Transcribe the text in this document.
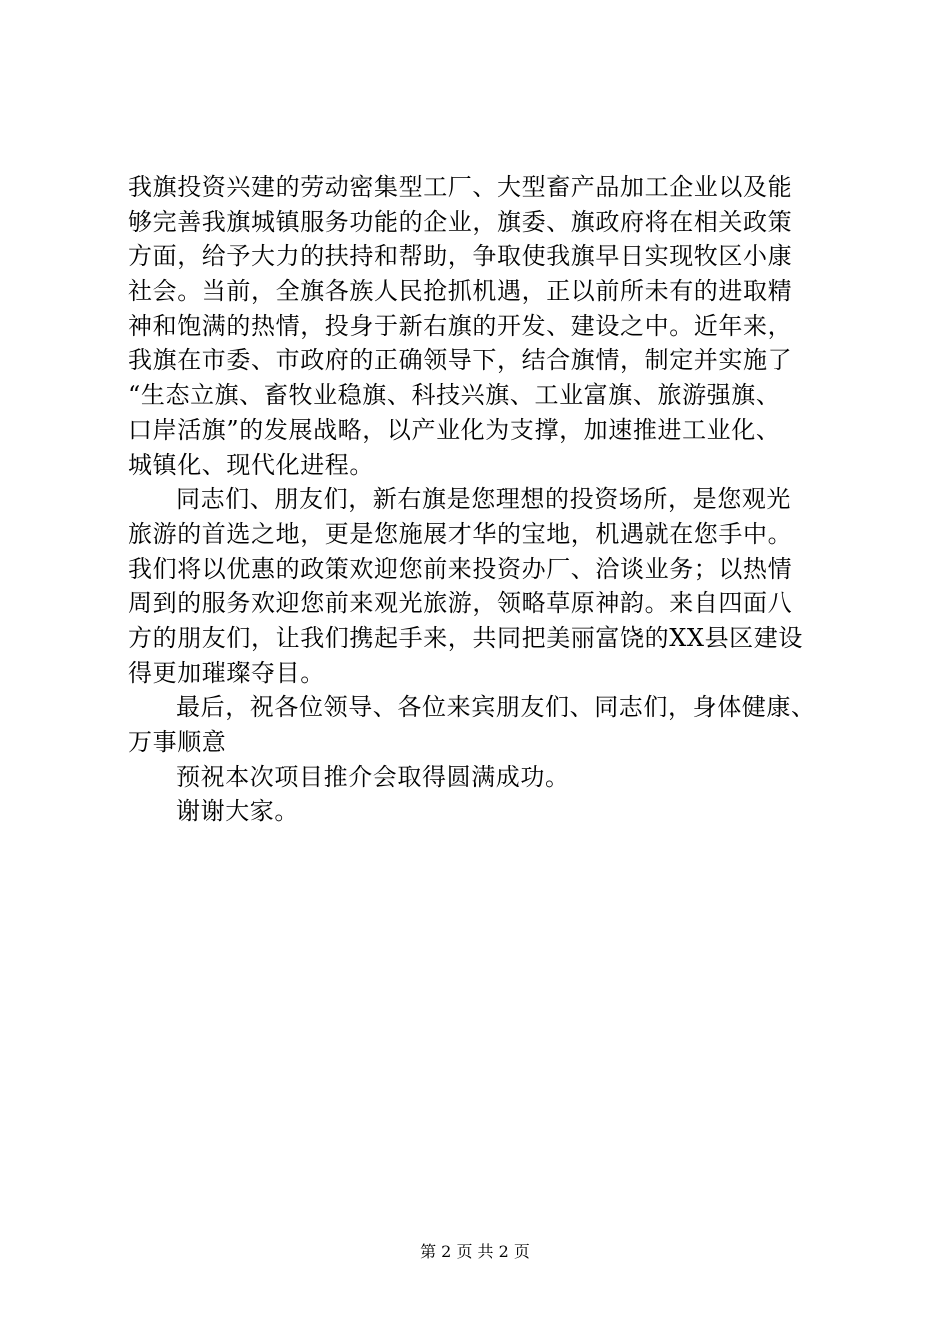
我旗投资兴建的劳动密集型工厂、大型畜产品加工企业以及能
够完善我旗城镇服务功能的企业，旗委、旗政府将在相关政策
方面，给予大力的扶持和帮助，争取使我旗早日实现牧区小康
社会。当前，全旗各族人民抢抓机遇，正以前所未有的进取精
神和饱满的热情，投身于新右旗的开发、建设之中。近年来，
我旗在市委、市政府的正确领导下，结合旗情，制定并实施了
“生态立旗、畜牧业稳旗、科技兴旗、工业富旗、旅游强旗、
口岸活旗”的发展战略，以产业化为支撑，加速推进工业化、
城镇化、现代化进程。
同志们、朋友们，新右旗是您理想的投资场所，是您观光
旅游的首选之地，更是您施展才华的宝地，机遇就在您手中。
我们将以优惠的政策欢迎您前来投资办厂、洽谈业务；以热情
周到的服务欢迎您前来观光旅游，领略草原神韵。来自四面八
方的朋友们，让我们携起手来，共同把美丽富饶的XX县区建设
得更加璀璨夺目。
最后，祝各位领导、各位来宾朋友们、同志们，身体健康、
万事顺意
预祝本次项目推介会取得圆满成功。
谢谢大家。
第 2 页 共 2 页
